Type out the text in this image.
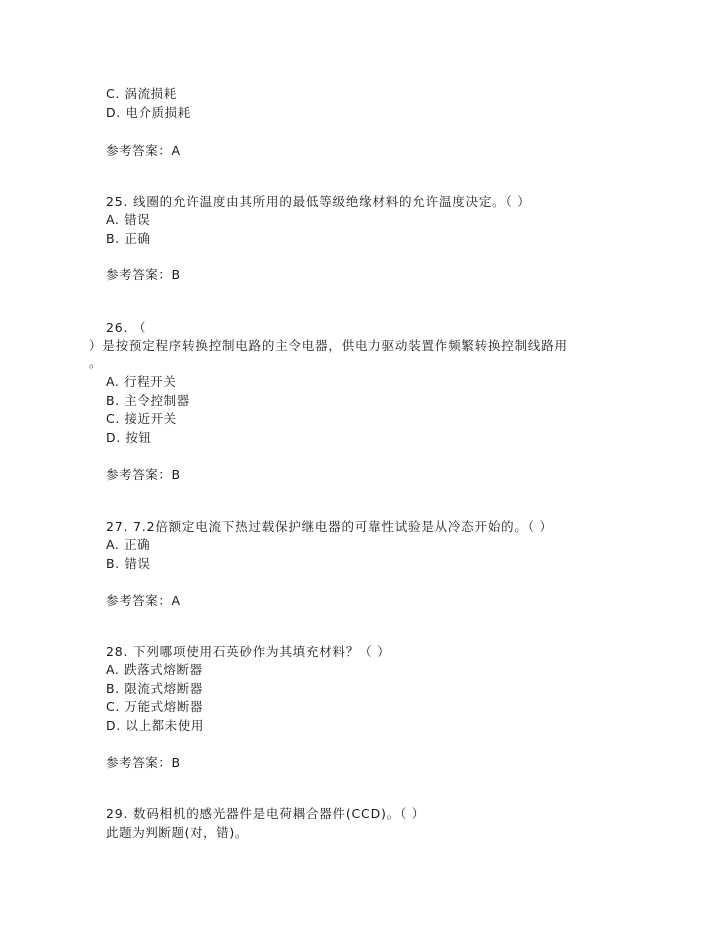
C. 涡流损耗
D. 电介质损耗
参考答案：A
25. 线圈的允许温度由其所用的最低等级绝缘材料的允许温度决定。（ ）
A. 错误
B. 正确
参考答案：B
26. （
）是按预定程序转换控制电路的主令电器，供电力驱动装置作频繁转换控制线路用
。
A. 行程开关
B. 主令控制器
C. 接近开关
D. 按钮
参考答案：B
27. 7.2倍额定电流下热过载保护继电器的可靠性试验是从冷态开始的。（ ）
A. 正确
B. 错误
参考答案：A
28. 下列哪项使用石英砂作为其填充材料？（ ）
A. 跌落式熔断器
B. 限流式熔断器
C. 万能式熔断器
D. 以上都未使用
参考答案：B
29. 数码相机的感光器件是电荷耦合器件(CCD)。（ ）
此题为判断题(对，错)。
